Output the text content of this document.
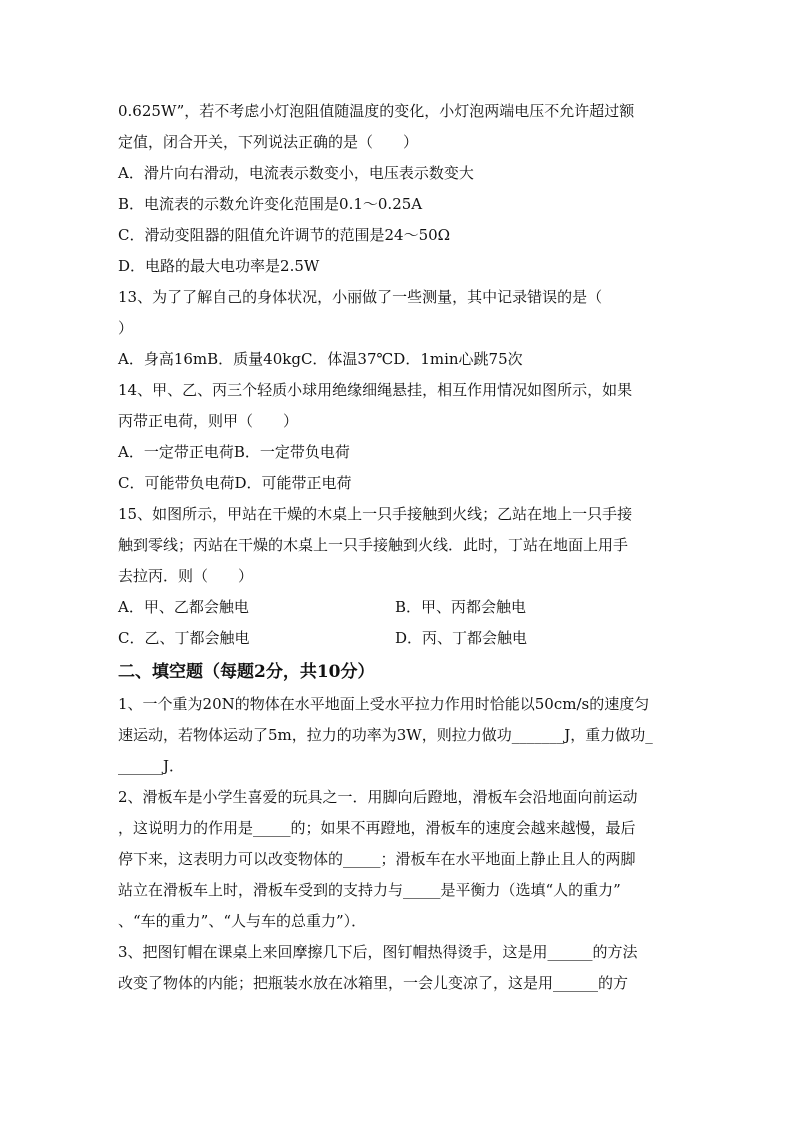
0.625W”，若不考虑小灯泡阻值随温度的变化，小灯泡两端电压不允许超过额
定值，闭合开关，下列说法正确的是（　　）
A．滑片向右滑动，电流表示数变小，电压表示数变大
B．电流表的示数允许变化范围是0.1～0.25A
C．滑动变阻器的阻值允许调节的范围是24～50Ω
D．电路的最大电功率是2.5W
13、为了了解自己的身体状况，小丽做了一些测量，其中记录错误的是（
）
A．身高16mB．质量40kgC．体温37℃D．1min心跳75次
14、甲、乙、丙三个轻质小球用绝缘细绳悬挂，相互作用情况如图所示，如果
丙带正电荷，则甲（　　）
A．一定带正电荷B．一定带负电荷
C．可能带负电荷D．可能带正电荷
15、如图所示，甲站在干燥的木桌上一只手接触到火线；乙站在地上一只手接
触到零线；丙站在干燥的木桌上一只手接触到火线．此时，丁站在地面上用手
去拉丙．则（　　）
A．甲、乙都会触电	B．甲、丙都会触电
C．乙、丁都会触电	D．丙、丁都会触电
二、填空题（每题2分，共10分）
1、一个重为20N的物体在水平地面上受水平拉力作用时恰能以50cm/s的速度匀
速运动，若物体运动了5m，拉力的功率为3W，则拉力做功_______J，重力做功_
______J．
2、滑板车是小学生喜爱的玩具之一．用脚向后蹬地，滑板车会沿地面向前运动
，这说明力的作用是_____的；如果不再蹬地，滑板车的速度会越来越慢，最后
停下来，这表明力可以改变物体的_____；滑板车在水平地面上静止且人的两脚
站立在滑板车上时，滑板车受到的支持力与_____是平衡力（选填“人的重力”
、“车的重力”、“人与车的总重力”）．
3、把图钉帽在课桌上来回摩擦几下后，图钉帽热得烫手，这是用______的方法
改变了物体的内能；把瓶装水放在冰箱里，一会儿变凉了，这是用______的方
